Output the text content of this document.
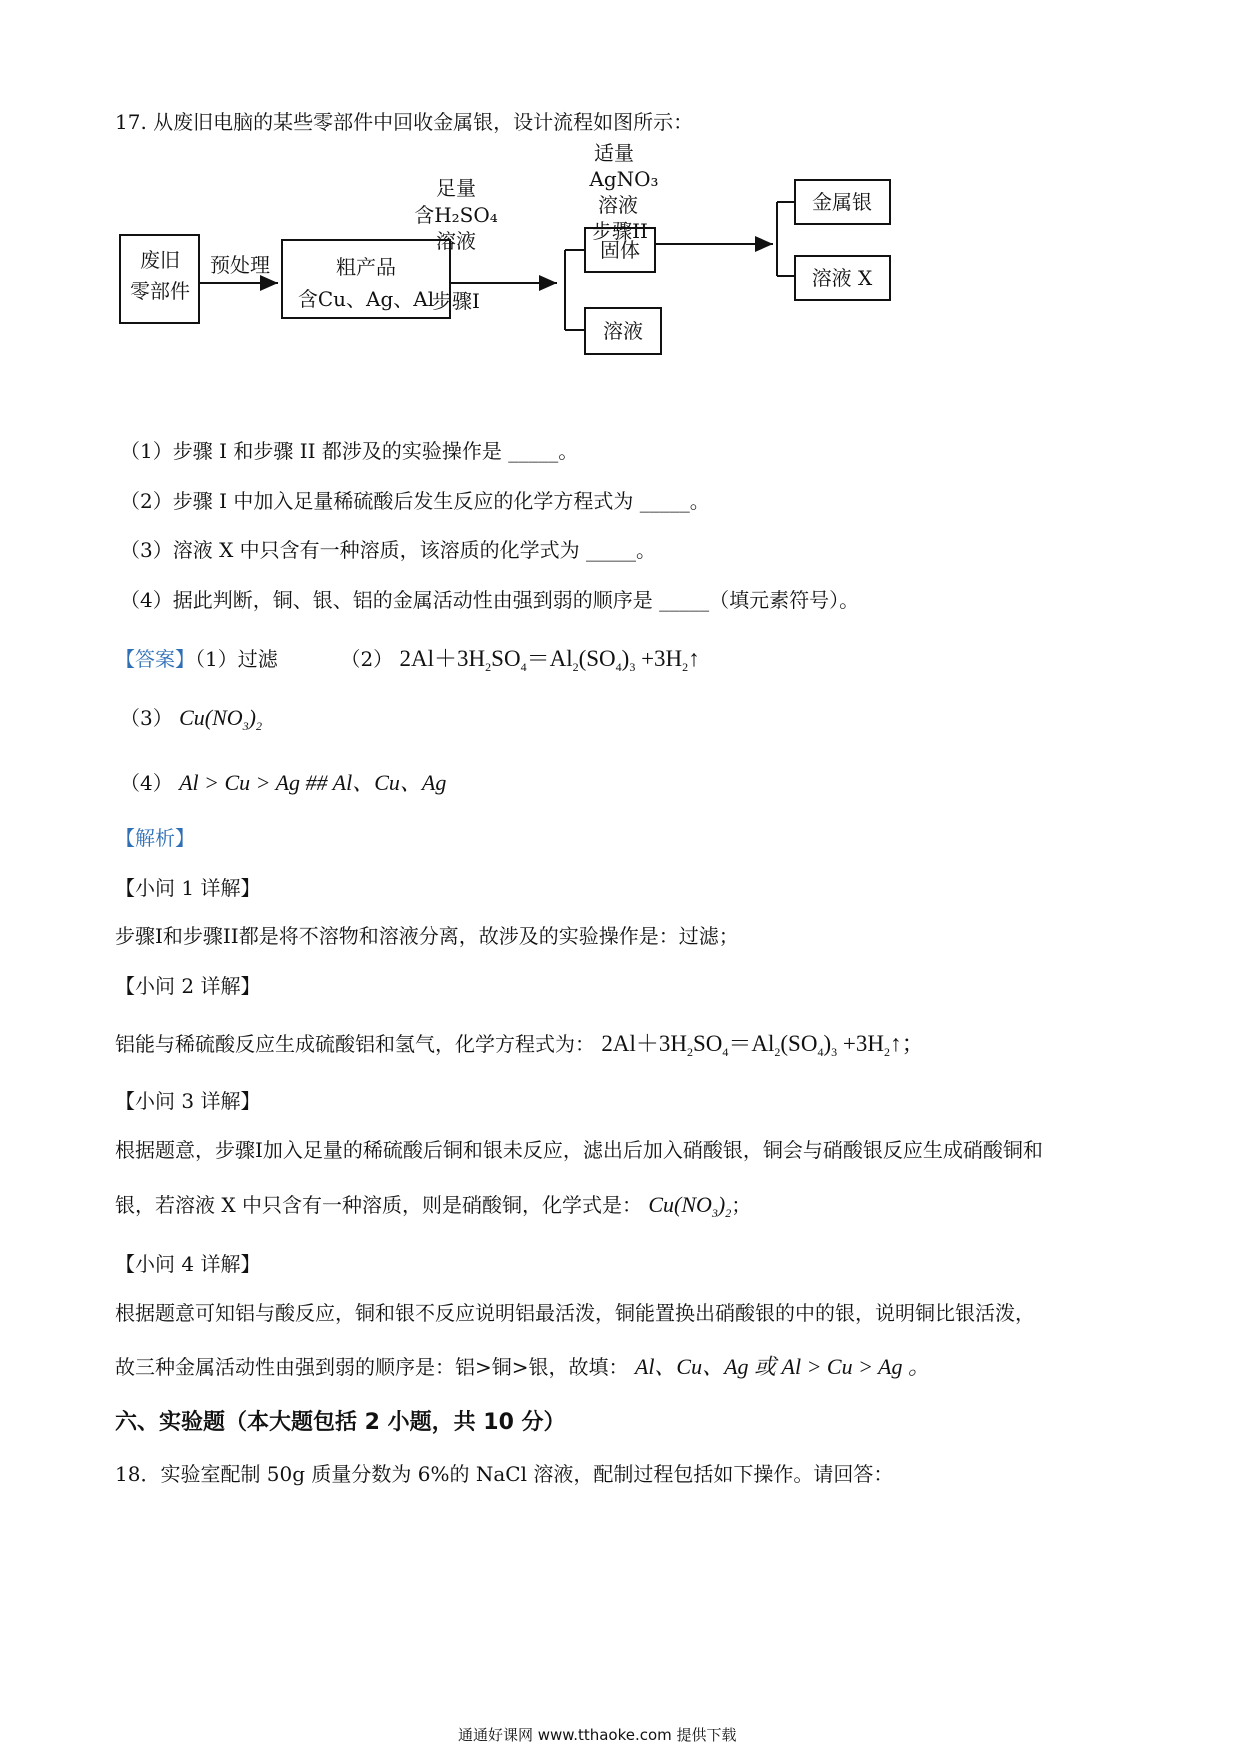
17. 从废旧电脑的某些零部件中回收金属银，设计流程如图所示：
废旧
零部件
预处理	粗产品
含Cu、Ag、Al
足量
含H₂SO₄
溶液
步骤I
固体
溶液
适量
AgNO₃
溶液
步骤II
金属银
溶液 X
（1）步骤 I 和步骤 II 都涉及的实验操作是 _____。
（2）步骤 I 中加入足量稀硫酸后发生反应的化学方程式为 _____。
（3）溶液 X 中只含有一种溶质，该溶质的化学式为 _____。
（4）据此判断，铜、银、铝的金属活动性由强到弱的顺序是 _____（填元素符号）。
【答案】（1）过滤	（2） $2Al+3H_2SO_4=Al_2(SO_4)_3$ $+3H_2↑$
（3） $Cu(NO_3)_2$
（4） Al > Cu > Ag ## Al、Cu、Ag
【解析】
【小问 1 详解】
步骤I和步骤II都是将不溶物和溶液分离，故涉及的实验操作是：过滤；
【小问 2 详解】
铝能与稀硫酸反应生成硫酸铝和氢气，化学方程式为： $2Al+3H_2SO_4=Al_2(SO_4)_3$ $+3H_2↑$；
【小问 3 详解】
根据题意，步骤I加入足量的稀硫酸后铜和银未反应，滤出后加入硝酸银，铜会与硝酸银反应生成硝酸铜和
银，若溶液 X 中只含有一种溶质，则是硝酸铜，化学式是： $Cu(NO_3)_2$；
【小问 4 详解】
根据题意可知铝与酸反应，铜和银不反应说明铝最活泼，铜能置换出硝酸银的中的银，说明铜比银活泼，
故三种金属活动性由强到弱的顺序是：铝>铜>银，故填： Al、Cu、Ag 或 Al > Cu > Ag 。
六、实验题（本大题包括 2 小题，共 10 分）
18．实验室配制 50g 质量分数为 6%的 NaCl 溶液，配制过程包括如下操作。请回答：
通通好课网 www.tthaoke.com 提供下载
